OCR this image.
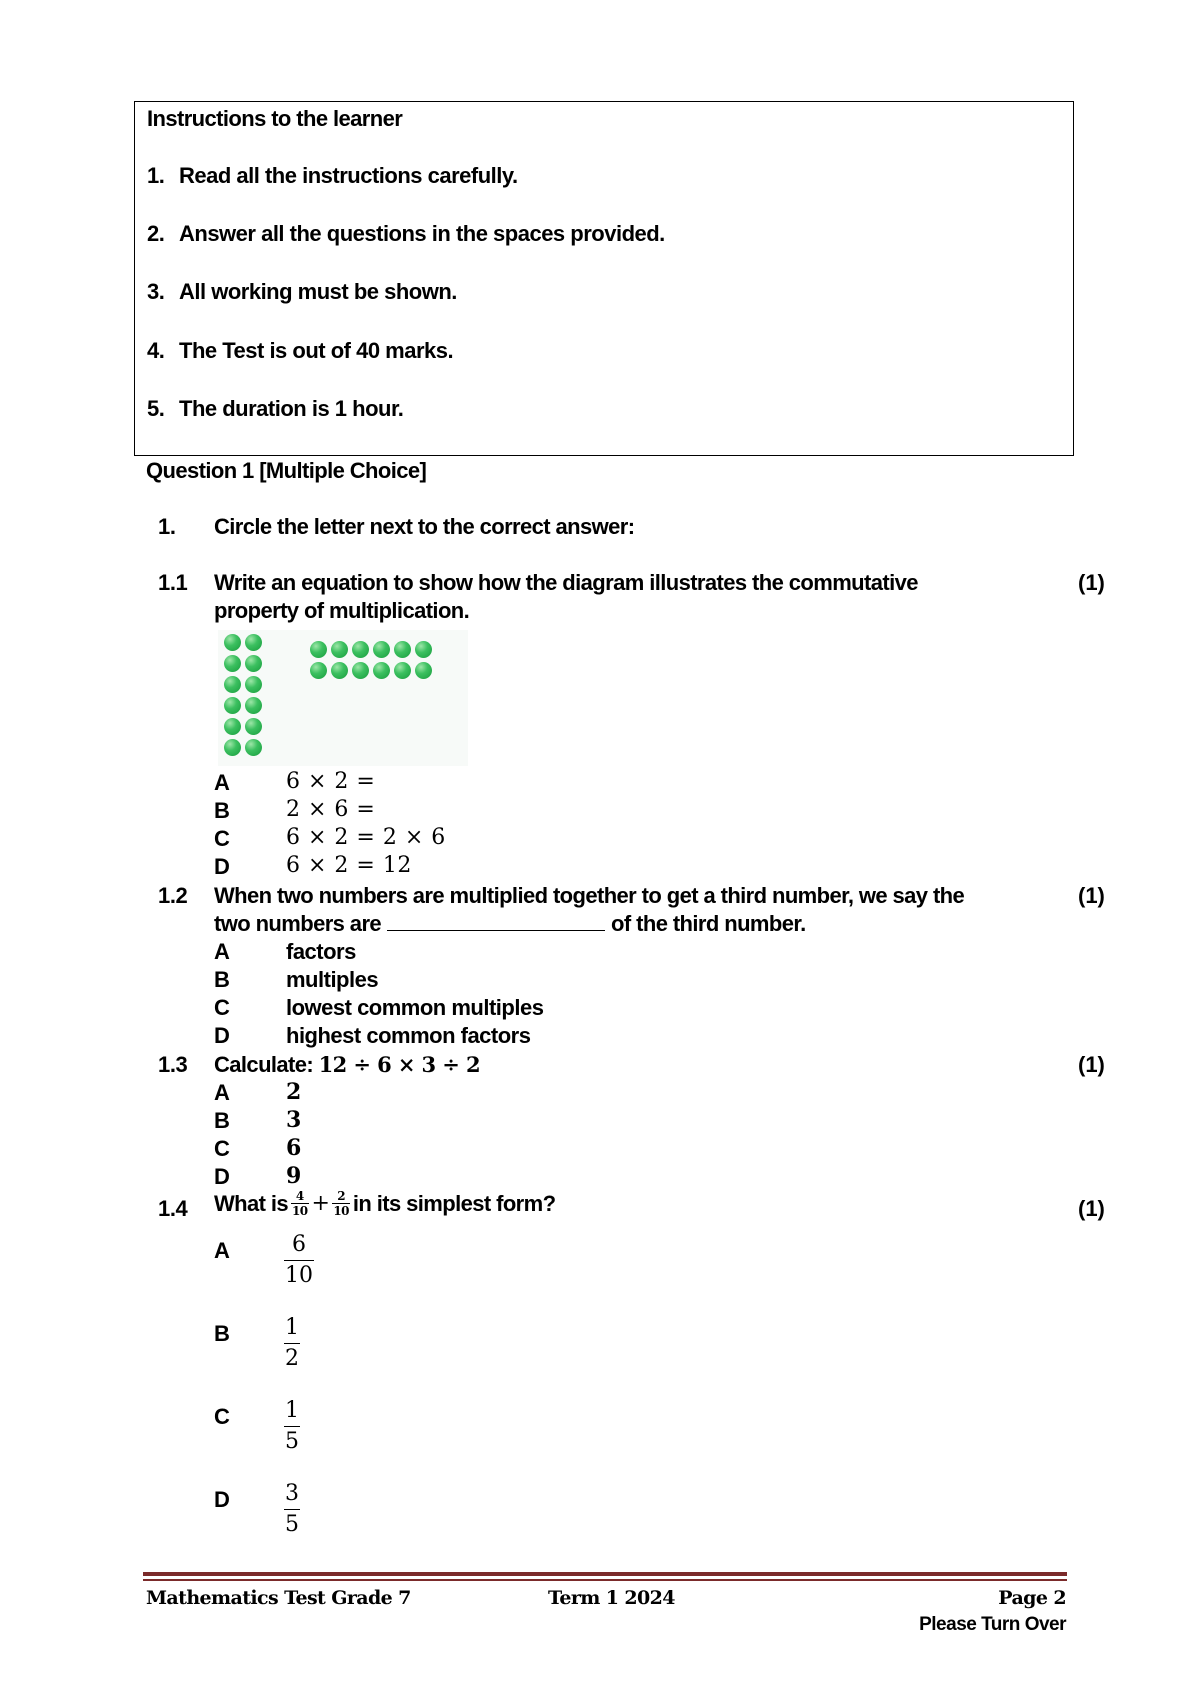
Instructions to the learner
1. Read all the instructions carefully.
2. Answer all the questions in the spaces provided.
3. All working must be shown.
4. The Test is out of 40 marks.
5. The duration is 1 hour.
Question 1 [Multiple Choice]
1. Circle the letter next to the correct answer:
1.1 Write an equation to show how the diagram illustrates the commutative
property of multiplication.
(1)
A	6 × 2 =
B	2 × 6 =
C	6 × 2 = 2 × 6
D	6 × 2 = 12
1.2 When two numbers are multiplied together to get a third number, we say the
two numbers are	of the third number.
(1)
A	factors
B	multiples
C	lowest common multiples
D	highest common factors
1.3 Calculate: 12 ÷ 6 × 3 ÷ 2	(1)
A	2
B	3
C	6
D	9
1.4 What is $\frac{4}{10} + \frac{2}{10}$ in its simplest form?	(1)
A $\frac{6}{10}$
B $\frac{1}{2}$
C $\frac{1}{5}$
D $\frac{3}{5}$
Mathematics Test Grade 7	Term 1 2024	Page 2
Please Turn Over
